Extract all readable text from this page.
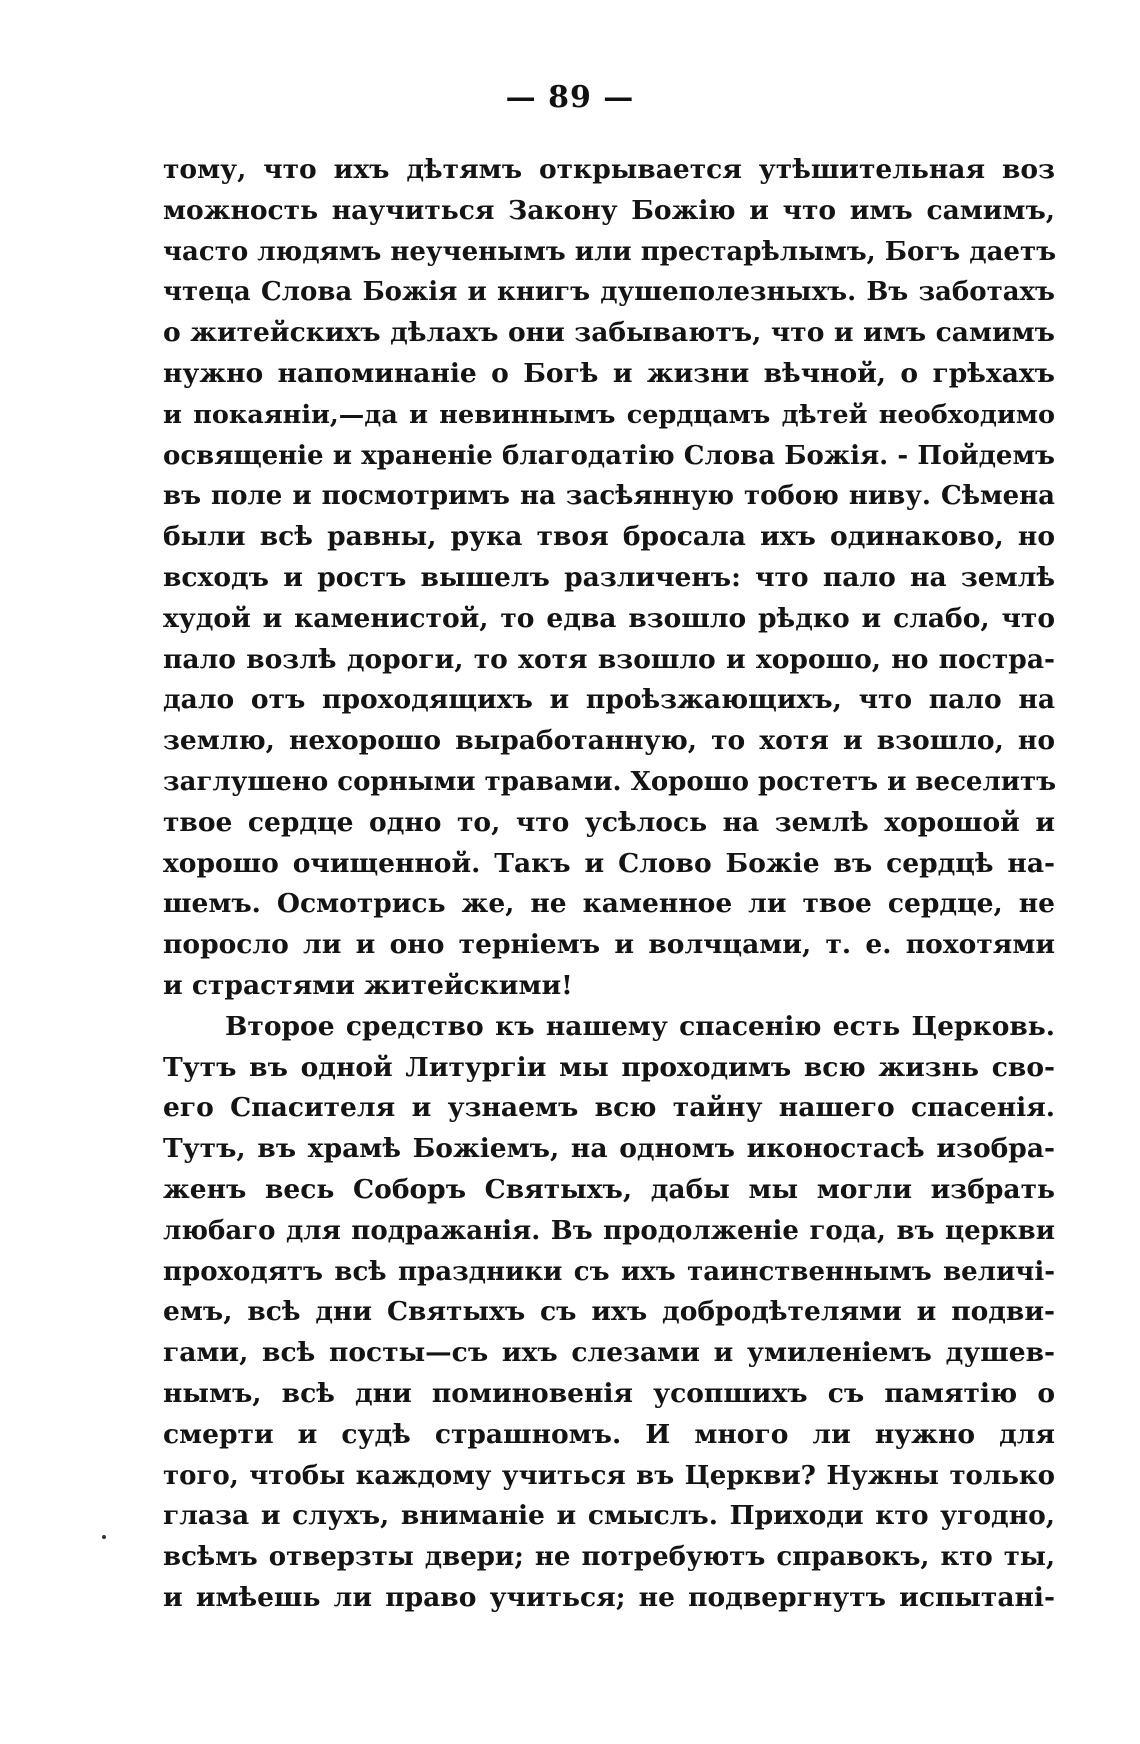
— 89 —
тому, что ихъ дѣтямъ открывается утѣшительная воз
можность научиться Закону Божію и что имъ самимъ,
часто людямъ неученымъ или престарѣлымъ, Богъ даетъ
чтеца Слова Божія и книгъ душеполезныхъ. Въ заботахъ
о житейскихъ дѣлахъ они забываютъ, что и имъ самимъ
нужно напоминаніе о Богѣ и жизни вѣчной, о грѣхахъ
и покаяніи,—да и невиннымъ сердцамъ дѣтей необходимо
освященіе и храненіе благодатію Слова Божія. - Пойдемъ
въ поле и посмотримъ на засѣянную тобою ниву. Сѣмена
были всѣ равны, рука твоя бросала ихъ одинаково, но
всходъ и ростъ вышелъ различенъ: что пало на землѣ
худой и каменистой, то едва взошло рѣдко и слабо, что
пало возлѣ дороги, то хотя взошло и хорошо, но постра-
дало отъ проходящихъ и проѣзжающихъ, что пало на
землю, нехорошо выработанную, то хотя и взошло, но
заглушено сорными травами. Хорошо ростетъ и веселитъ
твое сердце одно то, что усѣлось на землѣ хорошой и
хорошо очищенной. Такъ и Слово Божіе въ сердцѣ на-
шемъ. Осмотрись же, не каменное ли твое сердце, не
поросло ли и оно терніемъ и волчцами, т. е. похотями
и страстями житейскими!
Второе средство къ нашему спасенію есть Церковь.
Тутъ въ одной Литургіи мы проходимъ всю жизнь сво-
его Спасителя и узнаемъ всю тайну нашего спасенія.
Тутъ, въ храмѣ Божіемъ, на одномъ иконостасѣ изобра-
женъ весь Соборъ Святыхъ, дабы мы могли избрать
любаго для подражанія. Въ продолженіе года, въ церкви
проходятъ всѣ праздники съ ихъ таинственнымъ величі-
емъ, всѣ дни Святыхъ съ ихъ добродѣтелями и подви-
гами, всѣ посты—съ ихъ слезами и умиленіемъ душев-
нымъ, всѣ дни поминовенія усопшихъ съ памятію о
смерти и судѣ страшномъ. И много ли нужно для
того, чтобы каждому учиться въ Церкви? Нужны только
глаза и слухъ, вниманіе и смыслъ. Приходи кто угодно,
всѣмъ отверзты двери; не потребуютъ справокъ, кто ты,
и имѣешь ли право учиться; не подвергнутъ испытані-
